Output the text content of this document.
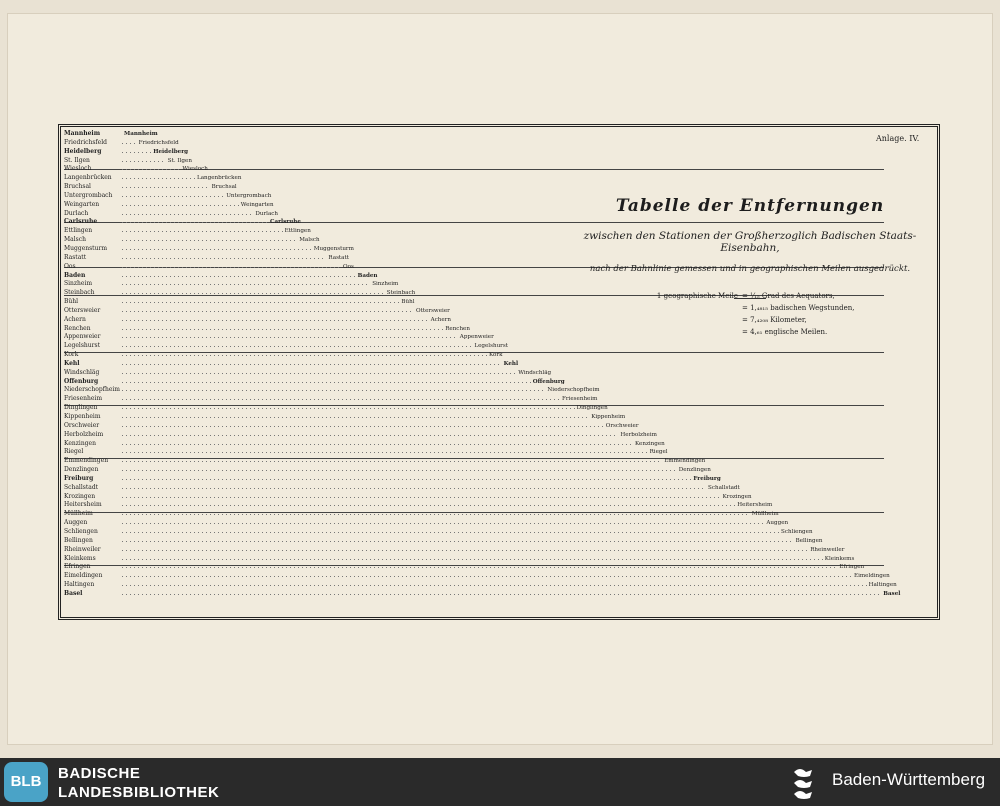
Mannheim	Mannheim
Friedrichsfeld	Friedrichsfeld
Heidelberg	Heidelberg
St. Ilgen	St. Ilgen
Wiesloch	Wiesloch
Langenbrücken	Langenbrücken
Bruchsal	Bruchsal
Untergrombach	Untergrombach
Weingarten	Weingarten
Durlach	Durlach
Carlsruhe	Carlsruhe
Ettlingen	Ettlingen
Malsch	Malsch
Muggensturm	Muggensturm
Rastatt	Rastatt
Oos	Oos
Baden	Baden
Sinzheim	Sinzheim
Steinbach	Steinbach
Bühl	Bühl
Ottersweier	Ottersweier
Achern	Achern
Renchen	Renchen
Appenweier	Appenweier
Legelshurst	Legelshurst
Kork	Kork
Kehl	Kehl
Windschläg	Windschläg
Offenburg	Offenburg
Niederschopfheim	Niederschopfheim
Friesenheim	Friesenheim
Dinglingen	Dinglingen
Kippenheim	Kippenheim
Orschweier	Orschweier
Herbolzheim	Herbolzheim
Kenzingen	Kenzingen
Riegel	Riegel
Emmendingen	Emmendingen
Denzlingen	Denzlingen
Freiburg	Freiburg
Schallstadt	Schallstadt
Krozingen	Krozingen
Heitersheim	Heitersheim
Müllheim	Müllheim
Auggen	Auggen
Schliengen	Schliengen
Bellingen	Bellingen
Rheinweiler	Rheinweiler
Kleinkems	Kleinkems
Efringen	Efringen
Eimeldingen	Eimeldingen
Haltingen	Haltingen
Basel	Basel
Anlage. IV.
Tabelle der Entfernungen
zwischen den Stationen der Großherzoglich Badischen Staats-Eisenbahn,
nach der Bahnlinie gemessen und in geographischen Meilen ausgedrückt.
1 geographische Meile = ¹⁄₁₅ Grad des Aequators,
= 1,₄₈₁₅ badischen Wegstunden,
= 7,₄₂₀₈ Kilometer,
= 4,₆₁ englische Meilen.
BLB	BADISCHE
LANDESBIBLIOTHEK
Baden-Württemberg
